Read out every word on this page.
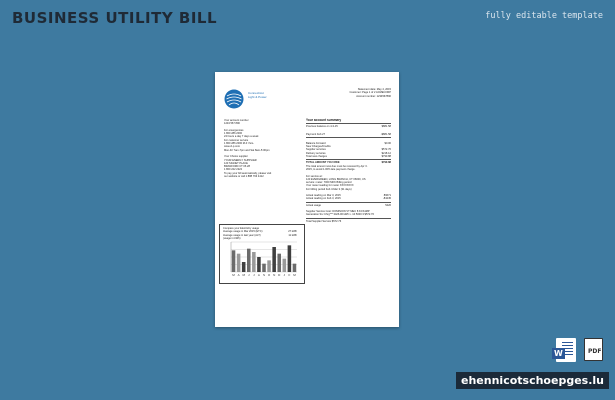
BUSINESS UTILITY BILL	fully editable template
Connecticut
Light & Power
Statement date: May 4, 2015
Customer: Page 1 of 2 ACMECORP
Account number: 1234567890
Your account number
1234 567 890

For emergencies
1 800 286 2000
24 hours a day 7 days a week
For customer service
1 800 286 2000 M-F 7am-
www.cl-p.com
Mon-Fri 7am-7pm and Sat 8am-5:00pm

Your Choice supplier
YOUR ENERGY SUPPLIER
123 SIGNET PLACE
BRANFORD CT 06 28
1 800 222 2222
To pay your bill automatically, please visit
our website or call 1 888 793 4412
Your account summary
Previous balance on 4-3-15	$881.58
Payment Feb 27	-$881.58
Balance Forward	$0.00
New Charges/Credits
Supplier services	$572.76
Delivery services	$218.12
Total new charges	$790.88
TOTAL AMOUNT YOU OWE	$790.88
The total amount now due must be received by Apr 3.
2015, to avoid 1.00% late payment charge.

For service at:
123 EVERGREEN, LONG BRANCH, CT 06000, US
service: meter: 7000 MKK Billing period
Your meter reading for meter XXXXXXXX
For billing period Feb 3-Mar 3 (31 days)
Actual reading on Mar 3, 2015	89671
Actual reading on Feb 3, 2015	-84245
Actual usage	5426
Supplier Service Cost: DOMINION VT MEC 8 KCS1MP
Generation Srv Chrg*** 3426.00 kWh x .10 5000 3 $572.76
Total Supplier Service $572.76
Compare your Electricity usage
Average usage in Mar 2015 (ETC)	27 kWh
Average usage in last year (ALT)	11 kWh
(usage in kWh)
M A M J J A S O N D J F M
W	PDF
ehennicotschoepges.lu
